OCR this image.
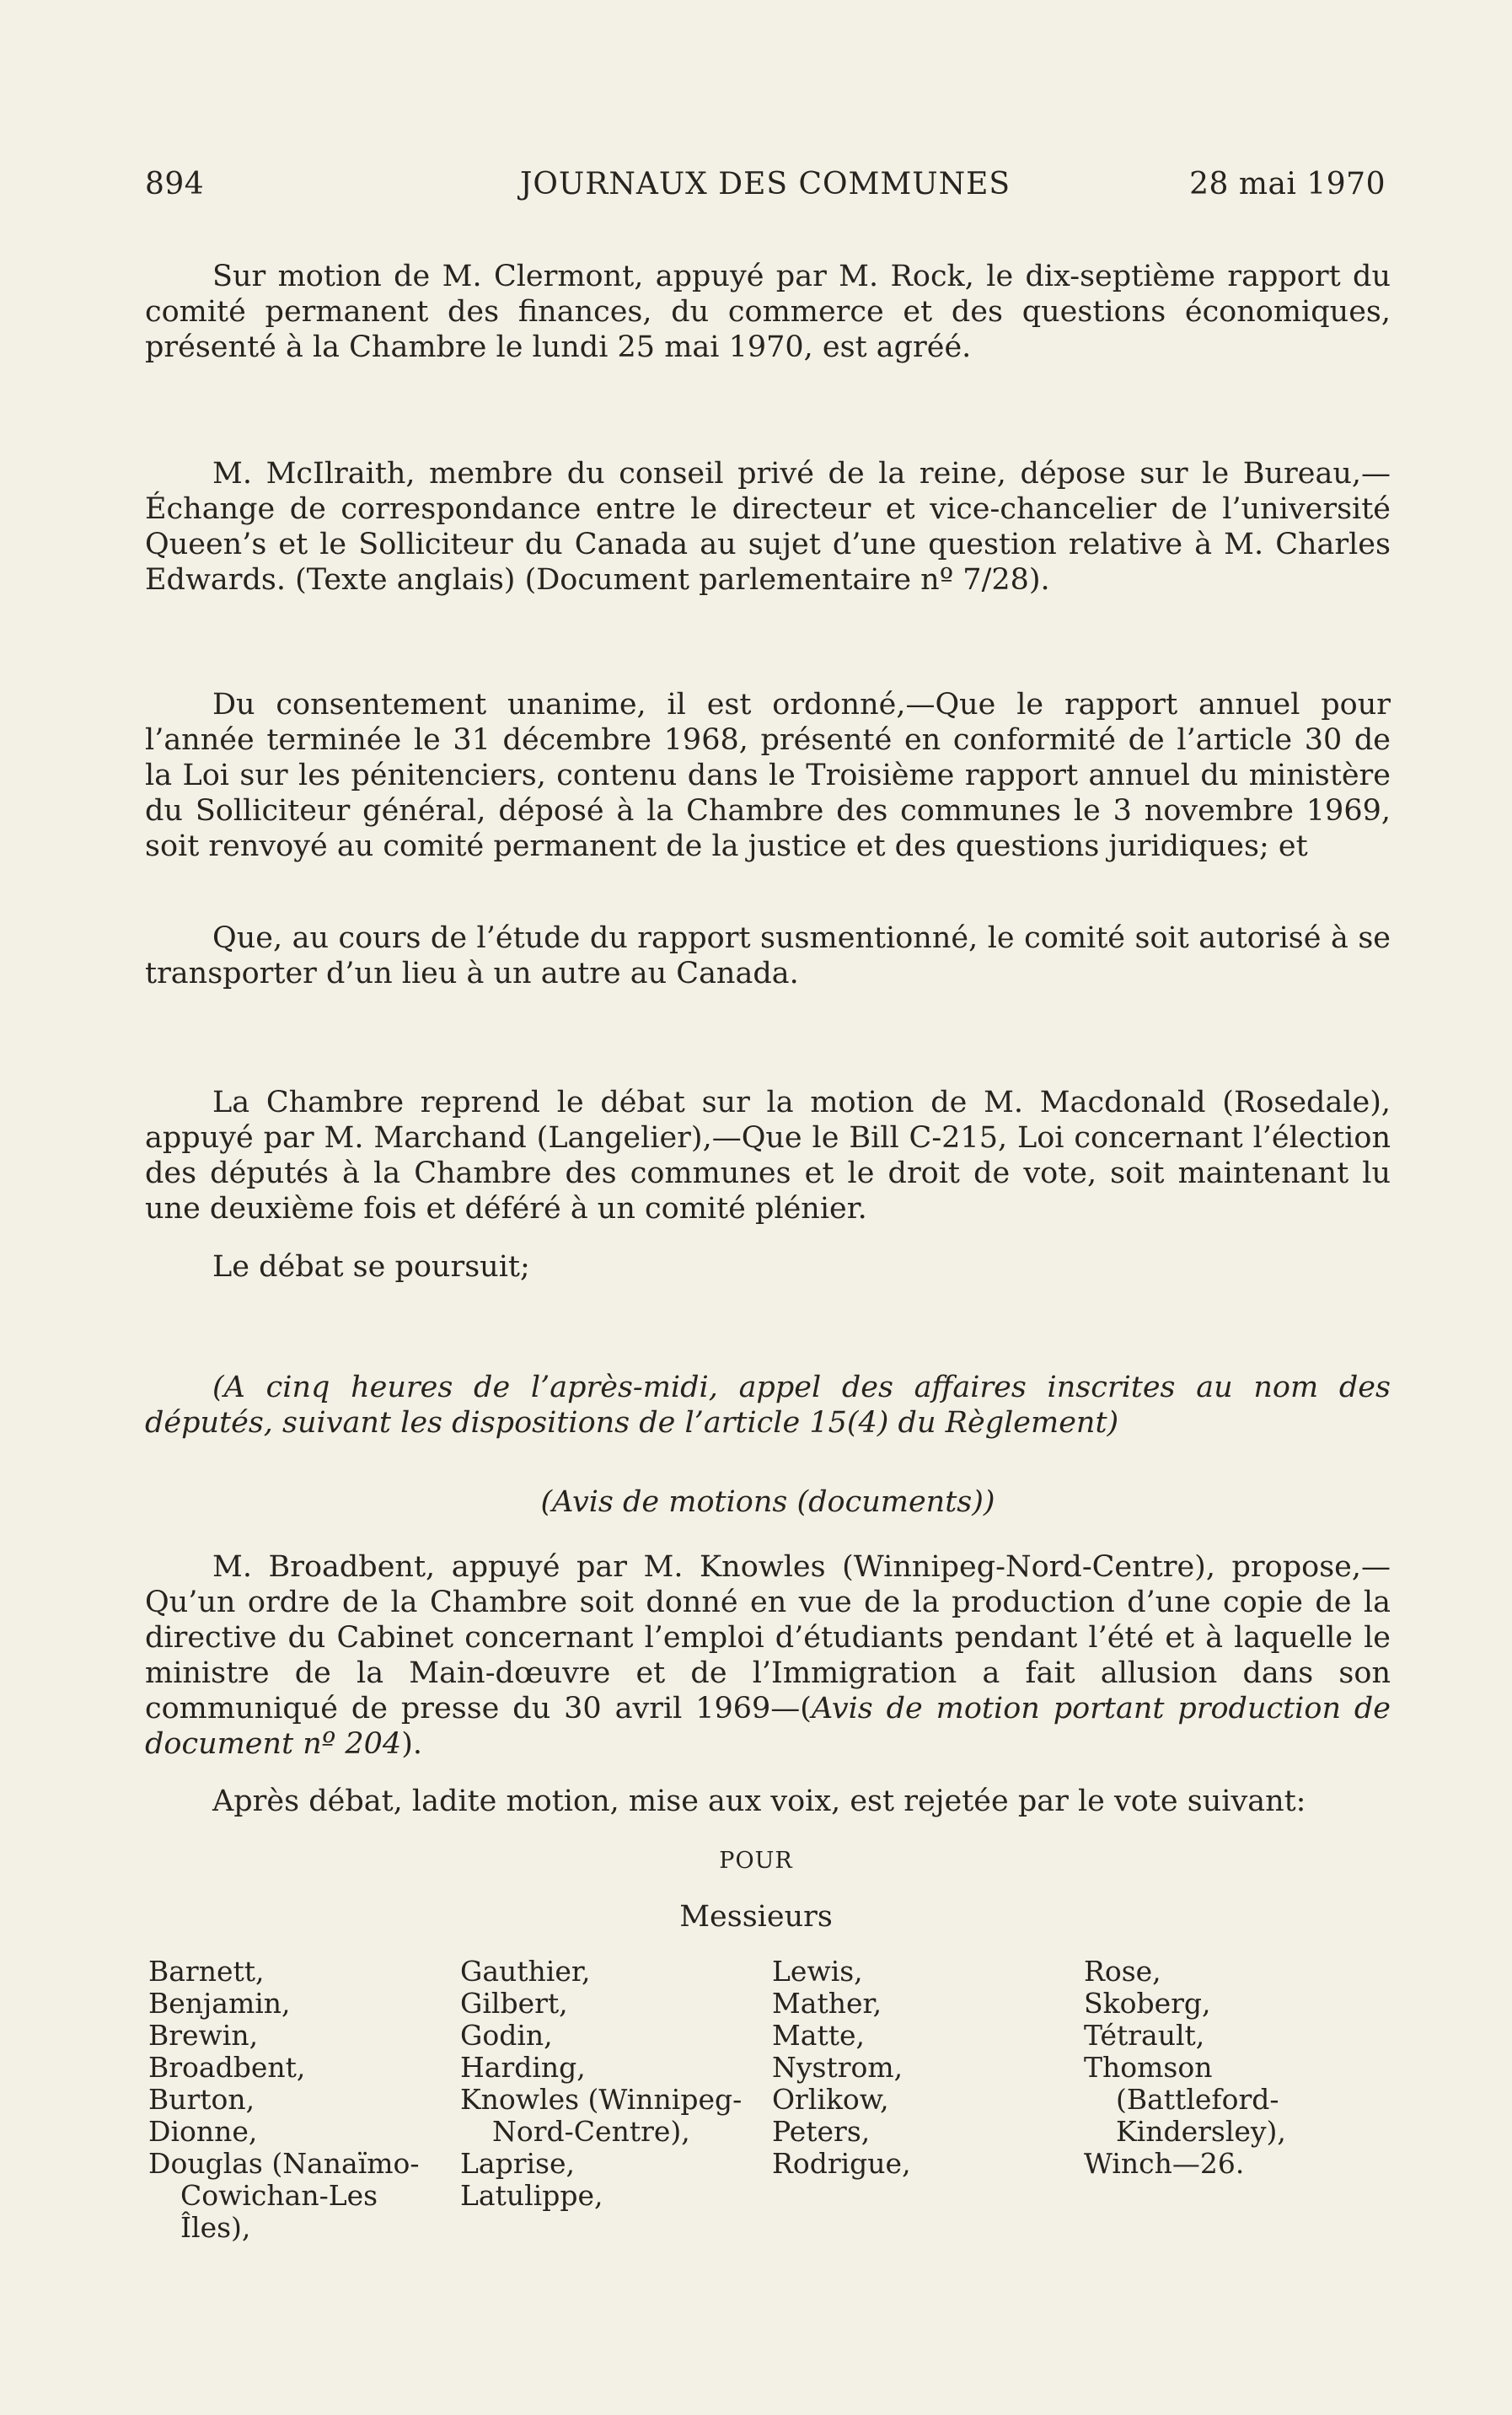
894	JOURNAUX DES COMMUNES	28 mai 1970

Sur motion de M. Clermont, appuyé par M. Rock, le dix-septième rapport du comité permanent des finances, du commerce et des questions économiques, présenté à la Chambre le lundi 25 mai 1970, est agréé.

M. McIlraith, membre du conseil privé de la reine, dépose sur le Bureau,—Échange de correspondance entre le directeur et vice-chancelier de l’université Queen’s et le Solliciteur du Canada au sujet d’une question relative à M. Charles Edwards. (Texte anglais) (Document parlementaire nº 7/28).

Du consentement unanime, il est ordonné,—Que le rapport annuel pour l’année terminée le 31 décembre 1968, présenté en conformité de l’article 30 de la Loi sur les pénitenciers, contenu dans le Troisième rapport annuel du ministère du Solliciteur général, déposé à la Chambre des communes le 3 novembre 1969, soit renvoyé au comité permanent de la justice et des questions juridiques; et

Que, au cours de l’étude du rapport susmentionné, le comité soit autorisé à se transporter d’un lieu à un autre au Canada.

La Chambre reprend le débat sur la motion de M. Macdonald (Rosedale), appuyé par M. Marchand (Langelier),—Que le Bill C-215, Loi concernant l’élection des députés à la Chambre des communes et le droit de vote, soit maintenant lu une deuxième fois et déféré à un comité plénier.

Le débat se poursuit;

(A cinq heures de l’après-midi, appel des affaires inscrites au nom des députés, suivant les dispositions de l’article 15(4) du Règlement)

(Avis de motions (documents))

M. Broadbent, appuyé par M. Knowles (Winnipeg-Nord-Centre), propose,—Qu’un ordre de la Chambre soit donné en vue de la production d’une copie de la directive du Cabinet concernant l’emploi d’étudiants pendant l’été et à laquelle le ministre de la Main-dœuvre et de l’Immigration a fait allusion dans son communiqué de presse du 30 avril 1969—(Avis de motion portant production de document nº 204).

Après débat, ladite motion, mise aux voix, est rejetée par le vote suivant:

POUR
Messieurs
Barnett,
Benjamin,
Brewin,
Broadbent,
Burton,
Dionne,
Douglas (Nanaïmo-
Cowichan-Les
Îles),
Gauthier,
Gilbert,
Godin,
Harding,
Knowles (Winnipeg-
Nord-Centre),
Laprise,
Latulippe,
Lewis,
Mather,
Matte,
Nystrom,
Orlikow,
Peters,
Rodrigue,
Rose,
Skoberg,
Tétrault,
Thomson
(Battleford-
Kindersley),
Winch—26.
